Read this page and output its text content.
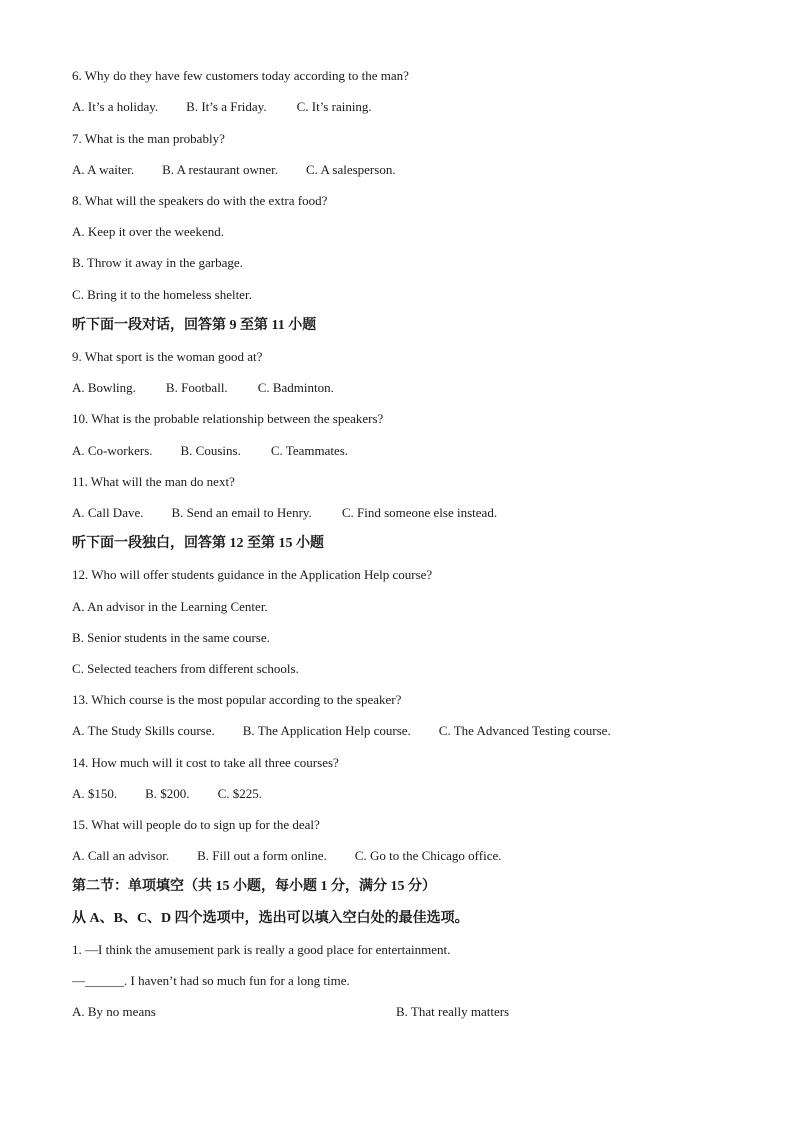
6. Why do they have few customers today according to the man?
A. It’s a holiday. B. It’s a Friday. C. It’s raining.
7. What is the man probably?
A. A waiter. B. A restaurant owner. C. A salesperson.
8. What will the speakers do with the extra food?
A. Keep it over the weekend.
B. Throw it away in the garbage.
C. Bring it to the homeless shelter.
听下面一段对话，回答第 9 至第 11 小题
9. What sport is the woman good at?
A. Bowling. B. Football. C. Badminton.
10. What is the probable relationship between the speakers?
A. Co-workers. B. Cousins. C. Teammates.
11. What will the man do next?
A. Call Dave. B. Send an email to Henry. C. Find someone else instead.
听下面一段独白，回答第 12 至第 15 小题
12. Who will offer students guidance in the Application Help course?
A. An advisor in the Learning Center.
B. Senior students in the same course.
C. Selected teachers from different schools.
13. Which course is the most popular according to the speaker?
A. The Study Skills course. B. The Application Help course. C. The Advanced Testing course.
14. How much will it cost to take all three courses?
A. $150. B. $200. C. $225.
15. What will people do to sign up for the deal?
A. Call an advisor. B. Fill out a form online. C. Go to the Chicago office.
第二节：单项填空（共 15 小题，每小题 1 分，满分 15 分）
从 A、B、C、D 四个选项中，选出可以填入空白处的最佳选项。
1. —I think the amusement park is really a good place for entertainment.
—______. I haven’t had so much fun for a long time.
A. By no means	B. That really matters
